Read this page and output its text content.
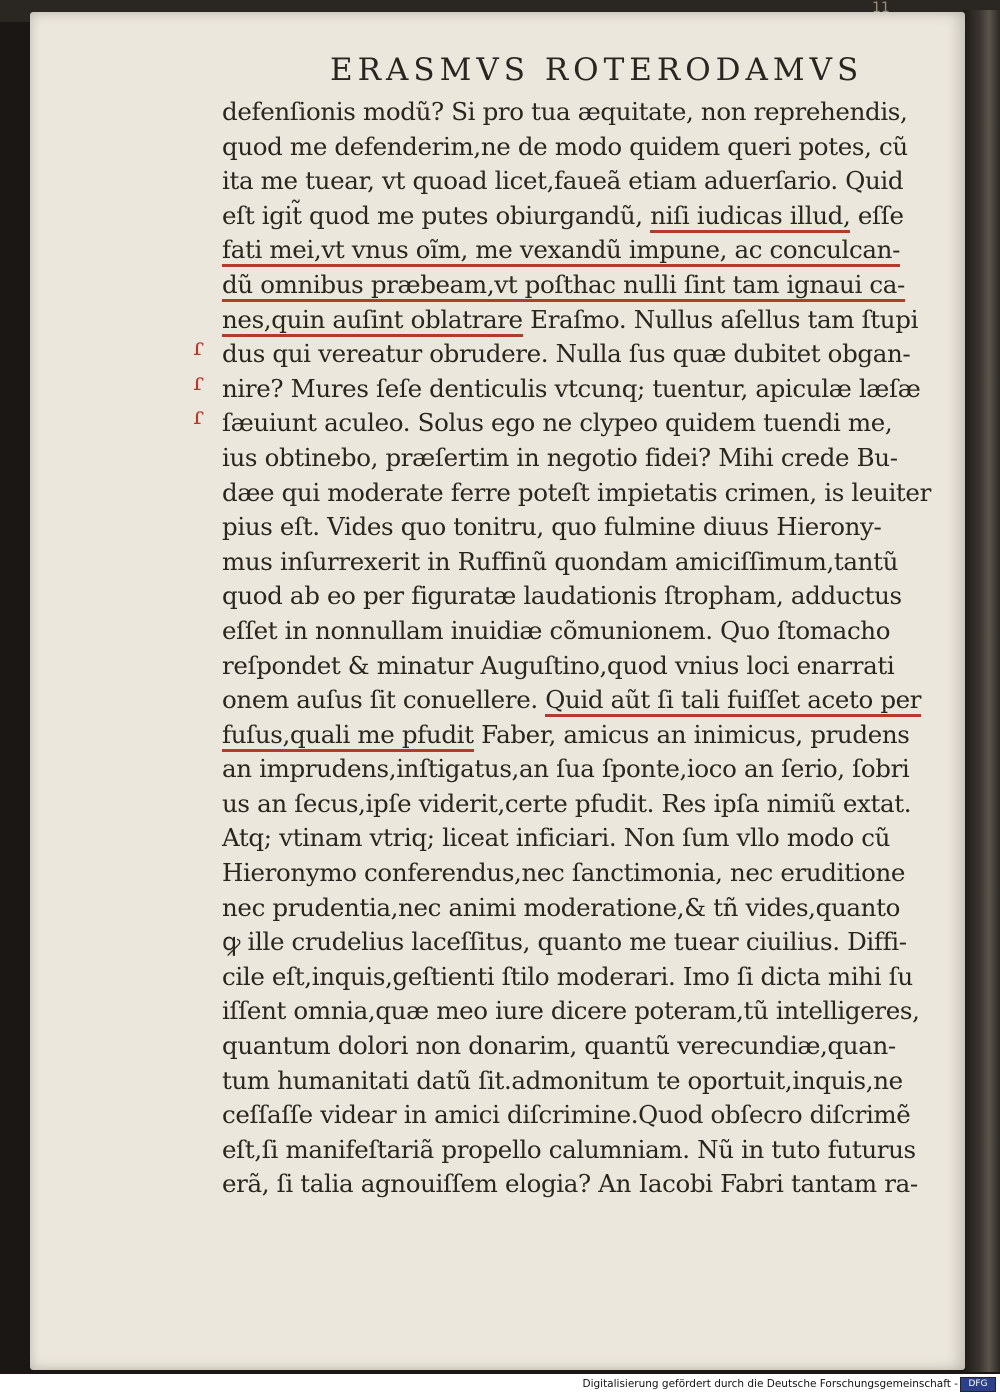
11
ERASMVS ROTERODAMVS
ɾ
ɾ
ɾ
defenſionis modũ? Si pro tua æquitate, non reprehendis,
quod me defenderim,ne de modo quidem queri potes, cũ
ita me tuear, vt quoad licet,faueã etiam aduerſario. Quid
eſt igit̃ quod me putes obiurgandũ, niſi iudicas illud, eſſe
fati mei,vt vnus oĩm, me vexandũ impune, ac conculcan-
dũ omnibus præbeam,vt poſthac nulli ſint tam ignaui ca-
nes,quin auſint oblatrare Eraſmo. Nullus aſellus tam ſtupi
dus qui vereatur obrudere. Nulla ſus quæ dubitet obgan-
nire? Mures ſeſe denticulis vtcunq; tuentur, apiculæ læſæ
ſæuiunt aculeo. Solus ego ne clypeo quidem tuendi me,
ius obtinebo, præſertim in negotio fidei? Mihi crede Bu-
dæe qui moderate ferre poteſt impietatis crimen, is leuiter
pius eſt. Vides quo tonitru, quo fulmine diuus Hierony-
mus inſurrexerit in Ruffinũ quondam amiciſſimum,tantũ
quod ab eo per figuratæ laudationis ſtropham, adductus
eſſet in nonnullam inuidiæ cõmunionem. Quo ſtomacho
reſpondet & minatur Auguſtino,quod vnius loci enarrati
onem auſus ſit conuellere. Quid aũt ſi tali fuiſſet aceto per
fuſus,quali me pfudit Faber, amicus an inimicus, prudens
an imprudens,inſtigatus,an ſua ſponte,ioco an ſerio, ſobri
us an ſecus,ipſe viderit,certe pfudit. Res ipſa nimiũ extat.
Atq; vtinam vtriq; liceat inficiari. Non ſum vllo modo cũ
Hieronymo conferendus,nec ſanctimonia, nec eruditione
nec prudentia,nec animi moderatione,& tñ vides,quanto
ꝙ ille crudelius laceſſitus, quanto me tuear ciuilius. Diffi-
cile eſt,inquis,geſtienti ſtilo moderari. Imo ſi dicta mihi ſu
iſſent omnia,quæ meo iure dicere poteram,tũ intelligeres,
quantum dolori non donarim, quantũ verecundiæ,quan-
tum humanitati datũ ſit.admonitum te oportuit,inquis,ne
ceſſaſſe videar in amici diſcrimine.Quod obſecro diſcrimẽ
eſt,ſi manifeſtariã propello calumniam. Nũ in tuto futurus
erã, ſi talia agnouiſſem elogia? An Iacobi Fabri tantam ra-
Digitalisierung gefördert durch die Deutsche Forschungsgemeinschaft -	DFG
